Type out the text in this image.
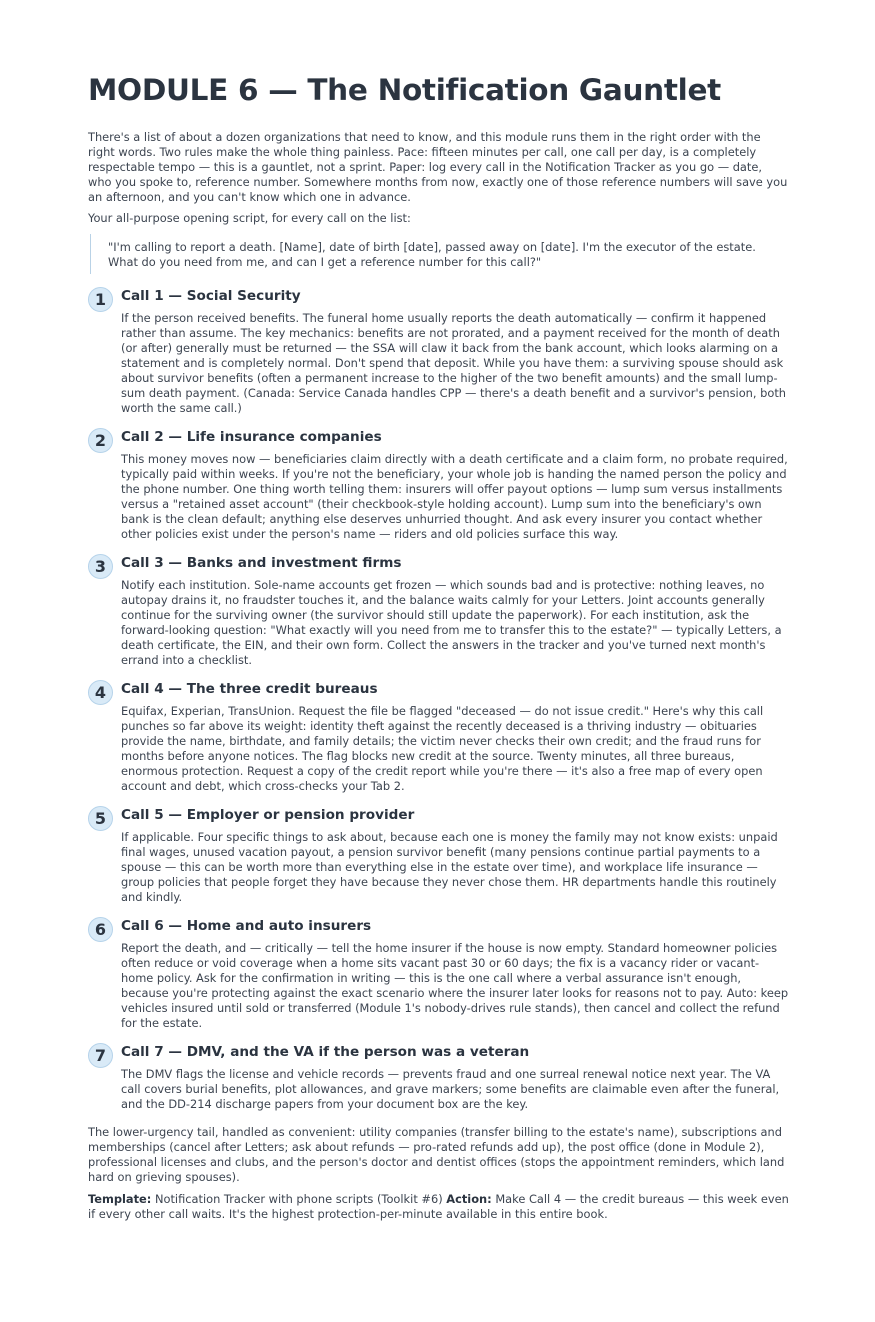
MODULE 6 — The Notification Gauntlet

There's a list of about a dozen organizations that need to know, and this module runs them in the right order with the right words. Two rules make the whole thing painless. Pace: fifteen minutes per call, one call per day, is a completely respectable tempo — this is a gauntlet, not a sprint. Paper: log every call in the Notification Tracker as you go — date, who you spoke to, reference number. Somewhere months from now, exactly one of those reference numbers will save you an afternoon, and you can't know which one in advance.

Your all-purpose opening script, for every call on the list:

"I'm calling to report a death. [Name], date of birth [date], passed away on [date]. I'm the executor of the estate. What do you need from me, and can I get a reference number for this call?"

1	Call 1 — Social Security

If the person received benefits. The funeral home usually reports the death automatically — confirm it happened rather than assume. The key mechanics: benefits are not prorated, and a payment received for the month of death (or after) generally must be returned — the SSA will claw it back from the bank account, which looks alarming on a statement and is completely normal. Don't spend that deposit. While you have them: a surviving spouse should ask about survivor benefits (often a permanent increase to the higher of the two benefit amounts) and the small lump-sum death payment. (Canada: Service Canada handles CPP — there's a death benefit and a survivor's pension, both worth the same call.)

2	Call 2 — Life insurance companies

This money moves now — beneficiaries claim directly with a death certificate and a claim form, no probate required, typically paid within weeks. If you're not the beneficiary, your whole job is handing the named person the policy and the phone number. One thing worth telling them: insurers will offer payout options — lump sum versus installments versus a "retained asset account" (their checkbook-style holding account). Lump sum into the beneficiary's own bank is the clean default; anything else deserves unhurried thought. And ask every insurer you contact whether other policies exist under the person's name — riders and old policies surface this way.

3	Call 3 — Banks and investment firms

Notify each institution. Sole-name accounts get frozen — which sounds bad and is protective: nothing leaves, no autopay drains it, no fraudster touches it, and the balance waits calmly for your Letters. Joint accounts generally continue for the surviving owner (the survivor should still update the paperwork). For each institution, ask the forward-looking question: "What exactly will you need from me to transfer this to the estate?" — typically Letters, a death certificate, the EIN, and their own form. Collect the answers in the tracker and you've turned next month's errand into a checklist.

4	Call 4 — The three credit bureaus

Equifax, Experian, TransUnion. Request the file be flagged "deceased — do not issue credit." Here's why this call punches so far above its weight: identity theft against the recently deceased is a thriving industry — obituaries provide the name, birthdate, and family details; the victim never checks their own credit; and the fraud runs for months before anyone notices. The flag blocks new credit at the source. Twenty minutes, all three bureaus, enormous protection. Request a copy of the credit report while you're there — it's also a free map of every open account and debt, which cross-checks your Tab 2.

5	Call 5 — Employer or pension provider

If applicable. Four specific things to ask about, because each one is money the family may not know exists: unpaid final wages, unused vacation payout, a pension survivor benefit (many pensions continue partial payments to a spouse — this can be worth more than everything else in the estate over time), and workplace life insurance — group policies that people forget they have because they never chose them. HR departments handle this routinely and kindly.

6	Call 6 — Home and auto insurers

Report the death, and — critically — tell the home insurer if the house is now empty. Standard homeowner policies often reduce or void coverage when a home sits vacant past 30 or 60 days; the fix is a vacancy rider or vacant-home policy. Ask for the confirmation in writing — this is the one call where a verbal assurance isn't enough, because you're protecting against the exact scenario where the insurer later looks for reasons not to pay. Auto: keep vehicles insured until sold or transferred (Module 1's nobody-drives rule stands), then cancel and collect the refund for the estate.

7	Call 7 — DMV, and the VA if the person was a veteran

The DMV flags the license and vehicle records — prevents fraud and one surreal renewal notice next year. The VA call covers burial benefits, plot allowances, and grave markers; some benefits are claimable even after the funeral, and the DD-214 discharge papers from your document box are the key.

The lower-urgency tail, handled as convenient: utility companies (transfer billing to the estate's name), subscriptions and memberships (cancel after Letters; ask about refunds — pro-rated refunds add up), the post office (done in Module 2), professional licenses and clubs, and the person's doctor and dentist offices (stops the appointment reminders, which land hard on grieving spouses).

Template: Notification Tracker with phone scripts (Toolkit #6) Action: Make Call 4 — the credit bureaus — this week even if every other call waits. It's the highest protection-per-minute available in this entire book.
